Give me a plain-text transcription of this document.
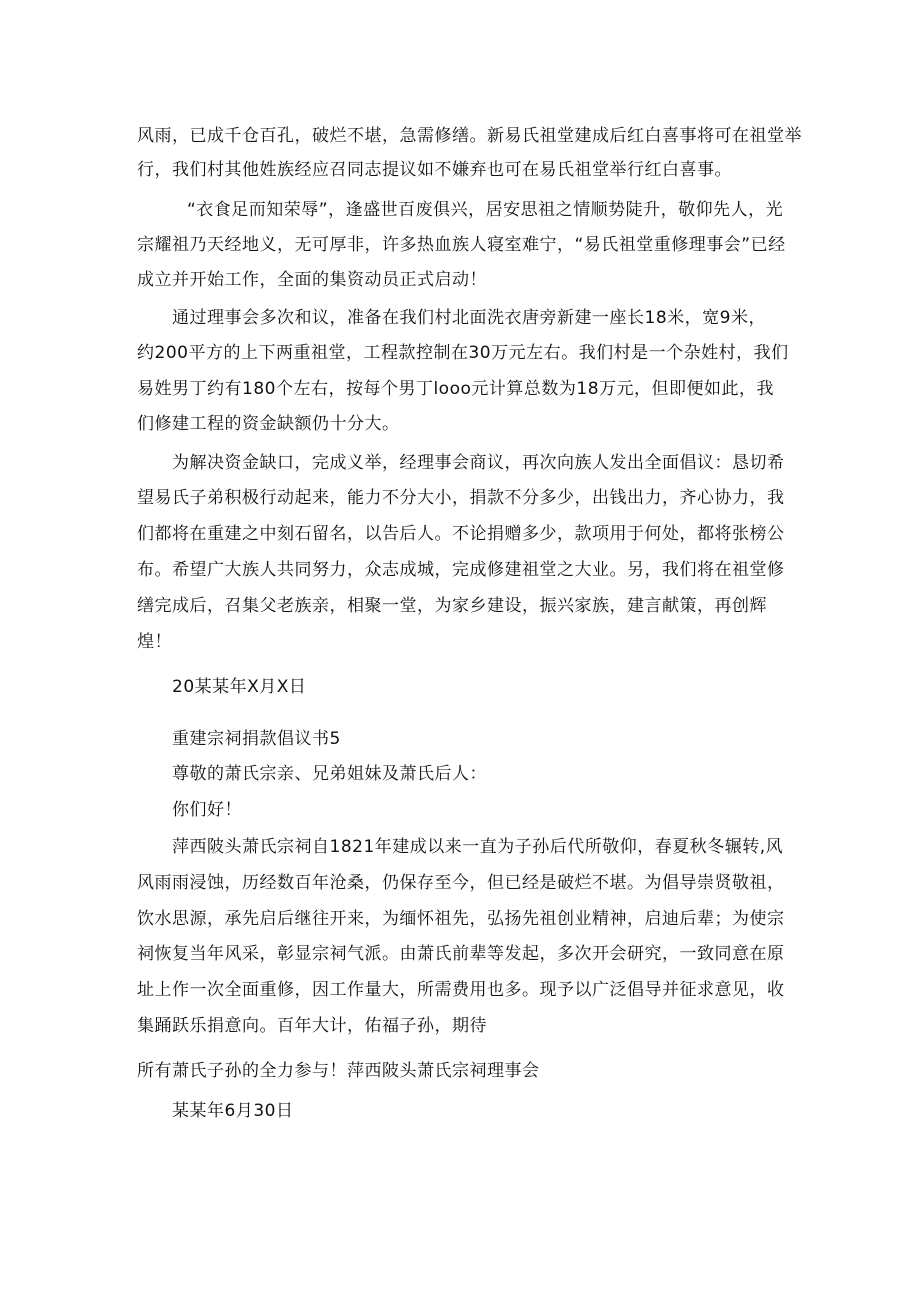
风雨，已成千仓百孔，破烂不堪，急需修缮。新易氏祖堂建成后红白喜事将可在祖堂举
行，我们村其他姓族经应召同志提议如不嫌弃也可在易氏祖堂举行红白喜事。
“衣食足而知荣辱”，逢盛世百废俱兴，居安思祖之情顺势陡升，敬仰先人，光
宗耀祖乃天经地义，无可厚非，许多热血族人寝室难宁，“易氏祖堂重修理事会”已经
成立并开始工作，全面的集资动员正式启动！
通过理事会多次和议，准备在我们村北面洗衣唐旁新建一座长18米，宽9米，
约200平方的上下两重祖堂，工程款控制在30万元左右。我们村是一个杂姓村，我们
易姓男丁约有180个左右，按每个男丁looo元计算总数为18万元，但即便如此，我
们修建工程的资金缺额仍十分大。
为解决资金缺口，完成义举，经理事会商议，再次向族人发出全面倡议：恳切希
望易氏子弟积极行动起来，能力不分大小，捐款不分多少，出钱出力，齐心协力，我
们都将在重建之中刻石留名，以告后人。不论捐赠多少，款项用于何处，都将张榜公
布。希望广大族人共同努力，众志成城，完成修建祖堂之大业。另，我们将在祖堂修
缮完成后，召集父老族亲，相聚一堂，为家乡建设，振兴家族，建言献策，再创辉
煌！
20某某年X月X日
重建宗祠捐款倡议书5
尊敬的萧氏宗亲、兄弟姐妹及萧氏后人：
你们好！
萍西陂头萧氏宗祠自1821年建成以来一直为子孙后代所敬仰，春夏秋冬辗转,风
风雨雨浸蚀，历经数百年沧桑，仍保存至今，但已经是破烂不堪。为倡导崇贤敬祖，
饮水思源，承先启后继往开来，为缅怀祖先，弘扬先祖创业精神，启迪后辈；为使宗
祠恢复当年风采，彰显宗祠气派。由萧氏前辈等发起，多次开会研究，一致同意在原
址上作一次全面重修，因工作量大，所需费用也多。现予以广泛倡导并征求意见，收
集踊跃乐捐意向。百年大计，佑福子孙，期待
所有萧氏子孙的全力参与！萍西陂头萧氏宗祠理事会
某某年6月30日
